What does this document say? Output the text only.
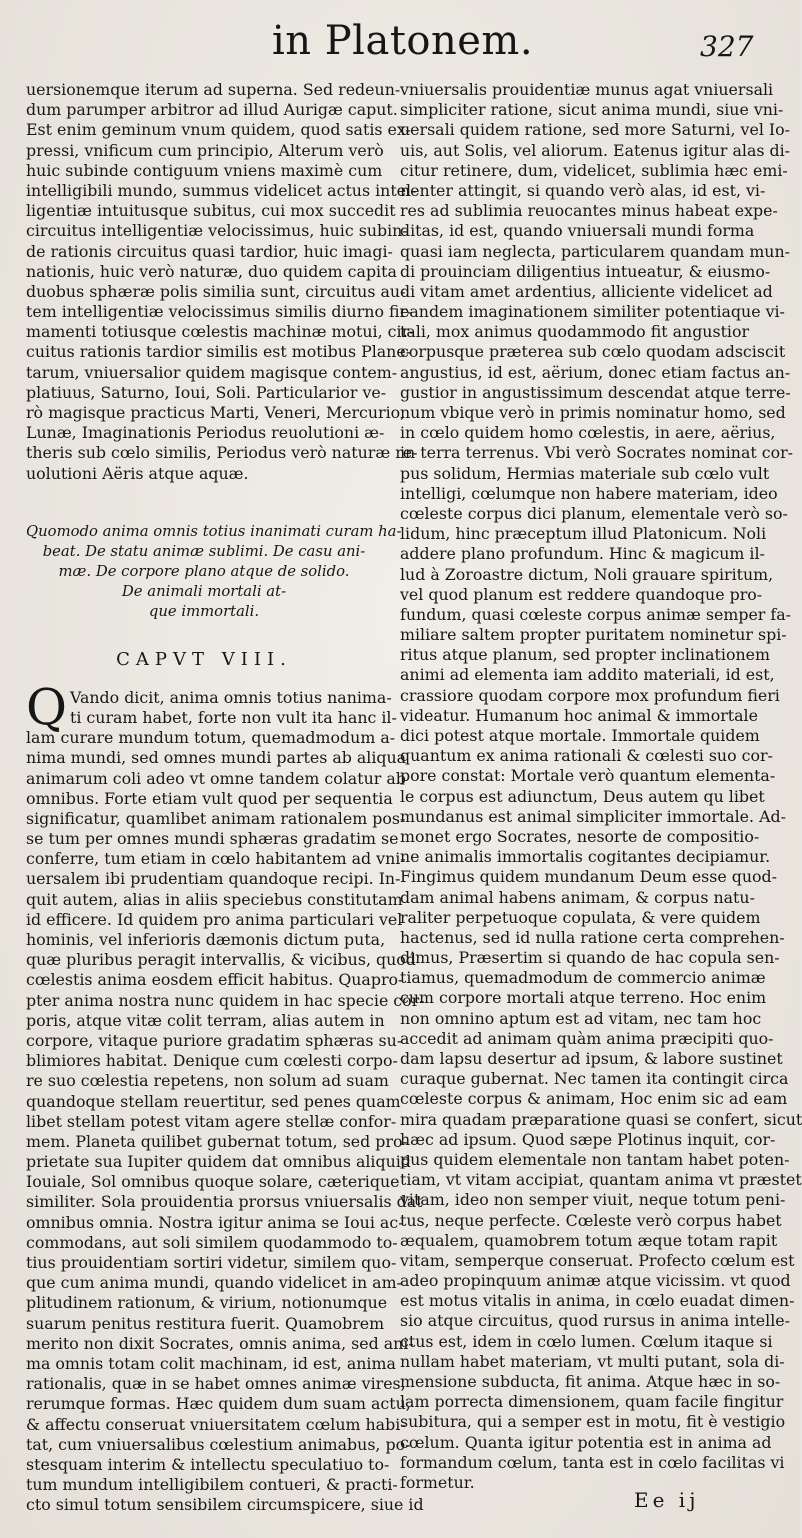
in Platonem.	327
uersionemque iterum ad superna. Sed redeun-
dum parumper arbitror ad illud Aurigæ caput.
Est enim geminum vnum quidem, quod satis ex-
pressi, vnificum cum principio, Alterum verò
huic subinde contiguum vniens maximè cum
intelligibili mundo, summus videlicet actus intel-
ligentiæ intuitusque subitus, cui mox succedit
circuitus intelligentiæ velocissimus, huic subin-
de rationis circuitus quasi tardior, huic imagi-
nationis, huic verò naturæ, duo quidem capita
duobus sphæræ polis similia sunt, circuitus au-
tem intelligentiæ velocissimus similis diurno fir-
mamenti totiusque cœlestis machinæ motui, cir-
cuitus rationis tardior similis est motibus Plane-
tarum, vniuersalior quidem magisque contem-
platiuus, Saturno, Ioui, Soli. Particularior ve-
rò magisque practicus Marti, Veneri, Mercurio,
Lunæ, Imaginationis Periodus reuolutioni æ-
theris sub cœlo similis, Periodus verò naturæ re-
uolutioni Aëris atque aquæ.
Quomodo anima omnis totius inanimati curam ha-
beat. De statu animæ sublimi. De casu ani-
mæ. De corpore plano atque de solido.
De animali mortali at-
que immortali.
CAPVT VIII.
Q Vando dicit, anima omnis totius nanima-
ti curam habet, forte non vult ita hanc il-
lam curare mundum totum, quemadmodum a-
nima mundi, sed omnes mundi partes ab aliqua
animarum coli adeo vt omne tandem colatur ab
omnibus. Forte etiam vult quod per sequentia
significatur, quamlibet animam rationalem pos-
se tum per omnes mundi sphæras gradatim se
conferre, tum etiam in cœlo habitantem ad vni-
uersalem ibi prudentiam quandoque recipi. In-
quit autem, alias in aliis speciebus constitutam
id efficere. Id quidem pro anima particulari vel
hominis, vel inferioris dæmonis dictum puta,
quæ pluribus peragit intervallis, & vicibus, quod
cœlestis anima eosdem efficit habitus. Quapro-
pter anima nostra nunc quidem in hac specie cor-
poris, atque vitæ colit terram, alias autem in
corpore, vitaque puriore gradatim sphæras su-
blimiores habitat. Denique cum cœlesti corpo-
re suo cœlestia repetens, non solum ad suam
quandoque stellam reuertitur, sed penes quam
libet stellam potest vitam agere stellæ confor-
mem. Planeta quilibet gubernat totum, sed pro-
prietate sua Iupiter quidem dat omnibus aliquid
Iouiale, Sol omnibus quoque solare, cæterique
similiter. Sola prouidentia prorsus vniuersalis dat
omnibus omnia. Nostra igitur anima se Ioui ac-
commodans, aut soli similem quodammodo to-
tius prouidentiam sortiri videtur, similem quo-
que cum anima mundi, quando videlicet in am-
plitudinem rationum, & virium, notionumque
suarum penitus restitura fuerit. Quamobrem
merito non dixit Socrates, omnis anima, sed ani-
ma omnis totam colit machinam, id est, anima
rationalis, quæ in se habet omnes animæ vires,
rerumque formas. Hæc quidem dum suam actu,
& affectu conseruat vniuersitatem cœlum habi-
tat, cum vniuersalibus cœlestium animabus, po-
stesquam interim & intellectu speculatiuo to-
tum mundum intelligibilem contueri, & practi-
cto simul totum sensibilem circumspicere, siue id
vniuersalis prouidentiæ munus agat vniuersali
simpliciter ratione, sicut anima mundi, siue vni-
uersali quidem ratione, sed more Saturni, vel Io-
uis, aut Solis, vel aliorum. Eatenus igitur alas di-
citur retinere, dum, videlicet, sublimia hæc emi-
nenter attingit, si quando verò alas, id est, vi-
res ad sublimia reuocantes minus habeat expe-
ditas, id est, quando vniuersali mundi forma
quasi iam neglecta, particularem quandam mun-
di prouinciam diligentius intueatur, & eiusmo-
di vitam amet ardentius, alliciente videlicet ad
eandem imaginationem similiter potentiaque vi-
tali, mox animus quodammodo fit angustior
corpusque præterea sub cœlo quodam adsciscit
angustius, id est, aërium, donec etiam factus an-
gustior in angustissimum descendat atque terre-
num vbique verò in primis nominatur homo, sed
in cœlo quidem homo cœlestis, in aere, aërius,
in terra terrenus. Vbi verò Socrates nominat cor-
pus solidum, Hermias materiale sub cœlo vult
intelligi, cœlumque non habere materiam, ideo
cœleste corpus dici planum, elementale verò so-
lidum, hinc præceptum illud Platonicum. Noli
addere plano profundum. Hinc & magicum il-
lud à Zoroastre dictum, Noli grauare spiritum,
vel quod planum est reddere quandoque pro-
fundum, quasi cœleste corpus animæ semper fa-
miliare saltem propter puritatem nominetur spi-
ritus atque planum, sed propter inclinationem
animi ad elementa iam addito materiali, id est,
crassiore quodam corpore mox profundum fieri
videatur. Humanum hoc animal & immortale
dici potest atque mortale. Immortale quidem
quantum ex anima rationali & cœlesti suo cor-
pore constat: Mortale verò quantum elementa-
le corpus est adiunctum, Deus autem qu libet
mundanus est animal simpliciter immortale. Ad-
monet ergo Socrates, nesorte de compositio-
ne animalis immortalis cogitantes decipiamur.
Fingimus quidem mundanum Deum esse quod-
dam animal habens animam, & corpus natu-
raliter perpetuoque copulata, & vere quidem
hactenus, sed id nulla ratione certa comprehen-
dimus, Præsertim si quando de hac copula sen-
tiamus, quemadmodum de commercio animæ
cum corpore mortali atque terreno. Hoc enim
non omnino aptum est ad vitam, nec tam hoc
accedit ad animam quàm anima præcipiti quo-
dam lapsu desertur ad ipsum, & labore sustinet
curaque gubernat. Nec tamen ita contingit circa
cœleste corpus & animam, Hoc enim sic ad eam
mira quadam præparatione quasi se confert, sicut
hæc ad ipsum. Quod sæpe Plotinus inquit, cor-
pus quidem elementale non tantam habet poten-
tiam, vt vitam accipiat, quantam anima vt præstet
vitam, ideo non semper viuit, neque totum peni-
tus, neque perfecte. Cœleste verò corpus habet
æqualem, quamobrem totum æque totam rapit
vitam, semperque conseruat. Profecto cœlum est
adeo propinquum animæ atque vicissim. vt quod
est motus vitalis in anima, in cœlo euadat dimen-
sio atque circuitus, quod rursus in anima intelle-
ctus est, idem in cœlo lumen. Cœlum itaque si
nullam habet materiam, vt multi putant, sola di-
mensione subducta, fit anima. Atque hæc in so-
lam porrecta dimensionem, quam facile fingitur
subitura, qui a semper est in motu, fit è vestigio
cœlum. Quanta igitur potentia est in anima ad
formandum cœlum, tanta est in cœlo facilitas vi
formetur.
Ee ij
